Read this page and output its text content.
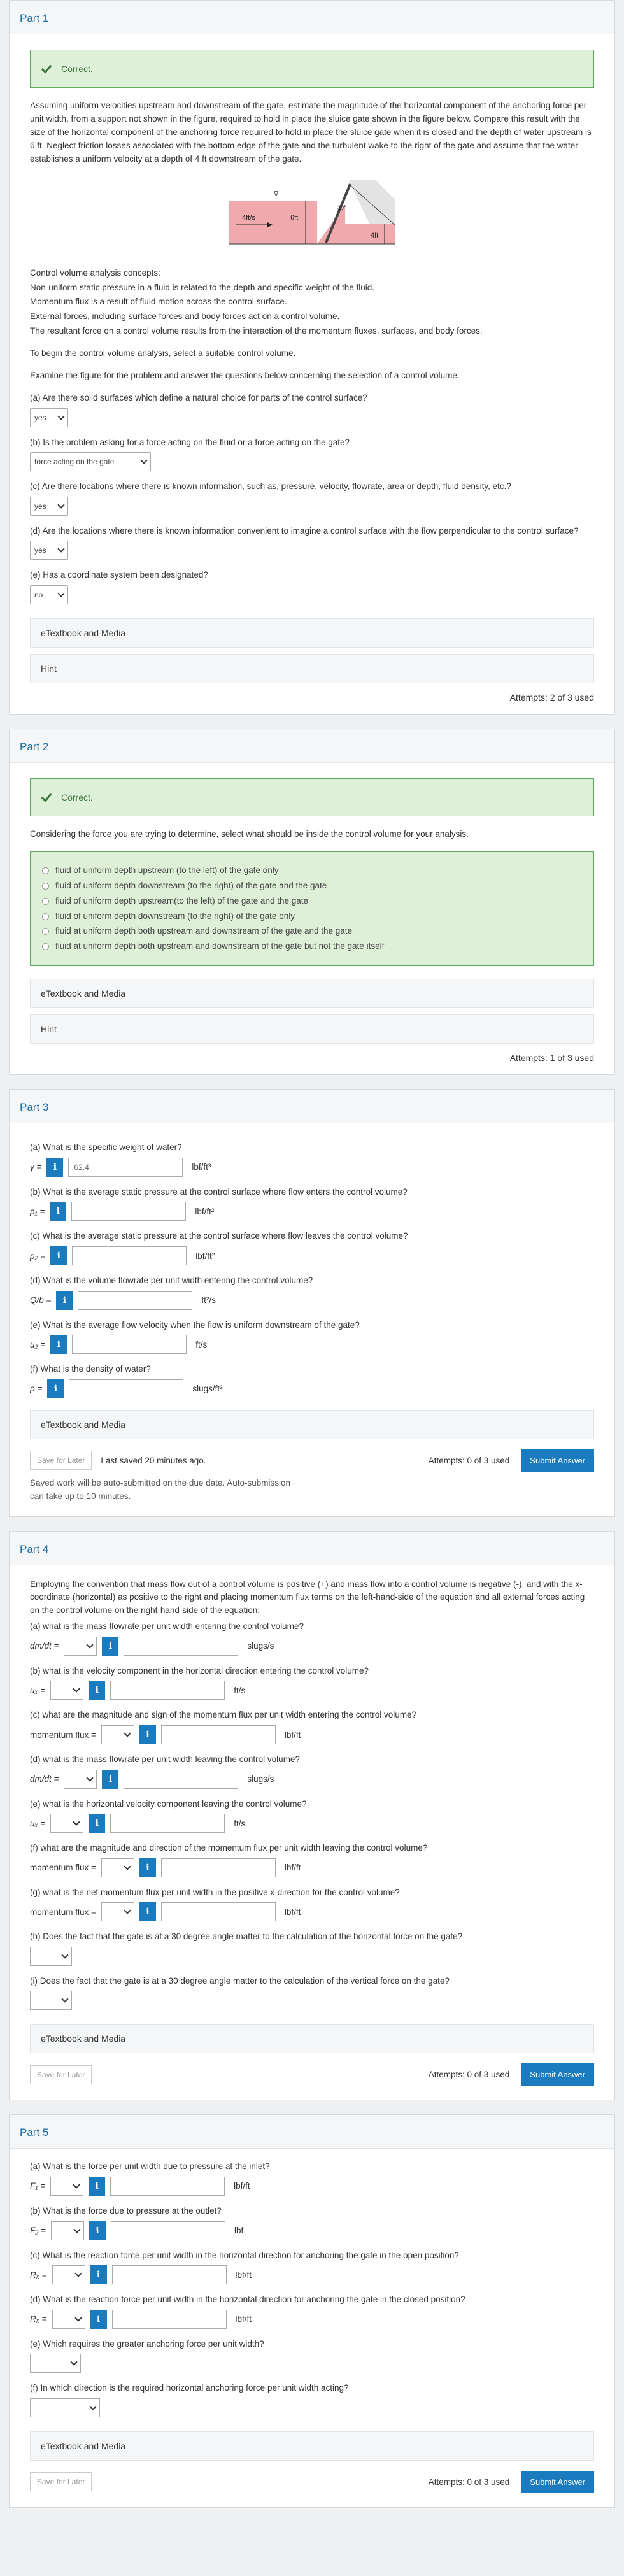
Part 1
Correct.

Assuming uniform velocities upstream and downstream of the gate, estimate the magnitude of the horizontal component of the anchoring force per unit width, from a support not shown in the figure, required to hold in place the sluice gate shown in the figure below. Compare this result with the size of the horizontal component of the anchoring force required to hold in place the sluice gate when it is closed and the depth of water upstream is 6 ft. Neglect friction losses associated with the bottom edge of the gate and the turbulent wake to the right of the gate and assume that the water establishes a uniform velocity at a depth of 4 ft downstream of the gate.

∇
4ft/s	6ft
30°
4ft

Control volume analysis concepts:

Non-uniform static pressure in a fluid is related to the depth and specific weight of the fluid.

Momentum flux is a result of fluid motion across the control surface.

External forces, including surface forces and body forces act on a control volume.

The resultant force on a control volume results from the interaction of the momentum fluxes, surfaces, and body forces.

To begin the control volume analysis, select a suitable control volume.

Examine the figure for the problem and answer the questions below concerning the selection of a control volume.

(a) Are there solid surfaces which define a natural choice for parts of the control surface?

yes

(b) Is the problem asking for a force acting on the fluid or a force acting on the gate?

force acting on the gate

(c) Are there locations where there is known information, such as, pressure, velocity, flowrate, area or depth, fluid density, etc.?

yes

(d) Are the locations where there is known information convenient to imagine a control surface with the flow perpendicular to the control surface?

yes

(e) Has a coordinate system been designated?

no
eTextbook and Media
Hint
Attempts: 2 of 3 used
Part 2
Correct.

Considering the force you are trying to determine, select what should be inside the control volume for your analysis.

fluid of uniform depth upstream (to the left) of the gate only
fluid of uniform depth downstream (to the right) of the gate and the gate
fluid of uniform depth upstream(to the left) of the gate and the gate
fluid of uniform depth downstream (to the right) of the gate only
fluid at uniform depth both upstream and downstream of the gate and the gate
fluid at uniform depth both upstream and downstream of the gate but not the gate itself
eTextbook and Media
Hint
Attempts: 1 of 3 used
Part 3

(a) What is the specific weight of water?

γ =	i	62.4	lbf/ft³

(b) What is the average static pressure at the control surface where flow enters the control volume?

p₁ =	i	lbf/ft²

(c) What is the average static pressure at the control surface where flow leaves the control volume?

p₂ =	i	lbf/ft²

(d) What is the volume flowrate per unit width entering the control volume?

Q/b =	i	ft²/s

(e) What is the average flow velocity when the flow is uniform downstream of the gate?

u₂ =	i	ft/s

(f) What is the density of water?

ρ =	i	slugs/ft³
eTextbook and Media
Save for Later	Last saved 20 minutes ago.	Attempts: 0 of 3 used	Submit Answer

Saved work will be auto-submitted on the due date. Auto-submission can take up to 10 minutes.

Part 4

Employing the convention that mass flow out of a control volume is positive (+) and mass flow into a control volume is negative (-), and with the x-coordinate (horizontal) as positive to the right and placing momentum flux terms on the left-hand-side of the equation and all external forces acting on the control volume on the right-hand-side of the equation:

(a) what is the mass flowrate per unit width entering the control volume?

dm/dt =	i	slugs/s

(b) what is the velocity component in the horizontal direction entering the control volume?

uₓ =	i	ft/s

(c) what are the magnitude and sign of the momentum flux per unit width entering the control volume?

momentum flux =	i	lbf/ft

(d) what is the mass flowrate per unit width leaving the control volume?

dm/dt =	i	slugs/s

(e) what is the horizontal velocity component leaving the control volume?

uₓ =	i	ft/s

(f) what are the magnitude and direction of the momentum flux per unit width leaving the control volume?

momentum flux =	i	lbf/ft

(g) what is the net momentum flux per unit width in the positive x-direction for the control volume?

momentum flux =	i	lbf/ft

(h) Does the fact that the gate is at a 30 degree angle matter to the calculation of the horizontal force on the gate?

(i) Does the fact that the gate is at a 30 degree angle matter to the calculation of the vertical force on the gate?

eTextbook and Media
Save for Later	Attempts: 0 of 3 used	Submit Answer
Part 5

(a) What is the force per unit width due to pressure at the inlet?

F₁ =	i	lbf/ft

(b) What is the force due to pressure at the outlet?

F₂ =	i	lbf

(c) What is the reaction force per unit width in the horizontal direction for anchoring the gate in the open position?

Rₓ =	i	lbf/ft

(d) What is the reaction force per unit width in the horizontal direction for anchoring the gate in the closed position?

Rₓ =	i	lbf/ft

(e) Which requires the greater anchoring force per unit width?

(f) In which direction is the required horizontal anchoring force per unit width acting?

eTextbook and Media
Save for Later	Attempts: 0 of 3 used	Submit Answer
